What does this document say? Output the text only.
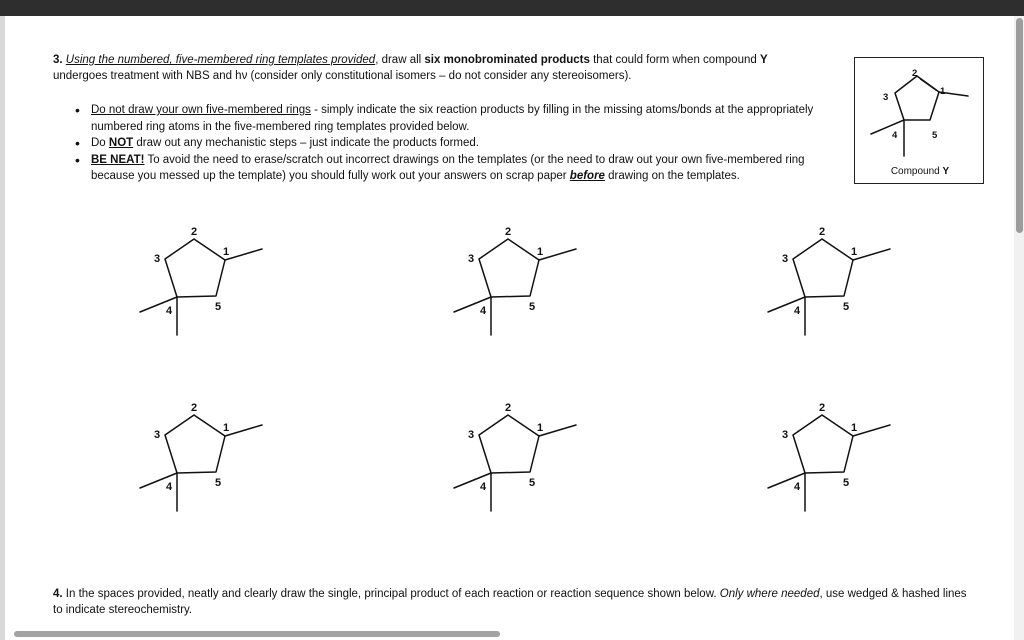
3. Using the numbered, five-membered ring templates provided, draw all six monobrominated products that could form when compound Y
undergoes treatment with NBS and hν (consider only constitutional isomers – do not consider any stereoisomers).

• Do not draw your own five-membered rings - simply indicate the six reaction products by filling in the missing atoms/bonds at the appropriately numbered ring atoms in the five-membered ring templates provided below.
• Do NOT draw out any mechanistic steps – just indicate the products formed.
• BE NEAT! To avoid the need to erase/scratch out incorrect drawings on the templates (or the need to draw out your own five-membered ring because you messed up the template) you should fully work out your answers on scrap paper before drawing on the templates.
2
1
3
4	5
Compound Y
2
1
3
4	5
2
1
3
4	5
2
1
3
4	5
2
1
3
4	5
2
1
3
4	5
2
1
3
4	5

4. In the spaces provided, neatly and clearly draw the single, principal product of each reaction or reaction sequence shown below. Only where needed, use wedged & hashed lines to indicate stereochemistry.
